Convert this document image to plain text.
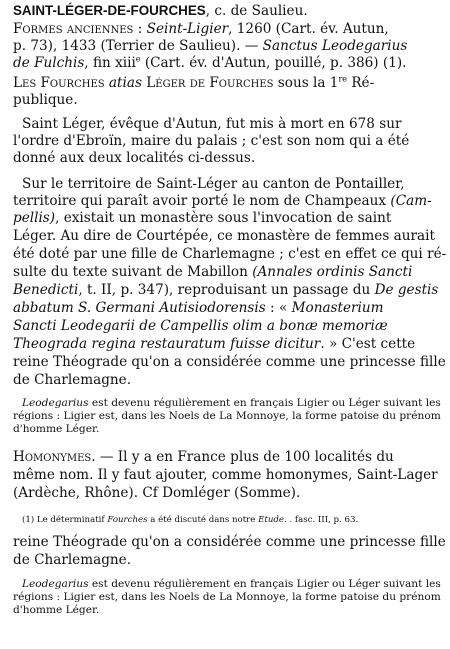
SAINT-LÉGER-DE-FOURCHES, c. de Saulieu.
Formes anciennes : Seint-Ligier, 1260 (Cart. év. Autun,
p. 73), 1433 (Terrier de Saulieu). — Sanctus Leodegarius
de Fulchis, fin xiii$^e$ (Cart. év. d'Autun, pouillé, p. 386) (1).
Les Fourches atias Léger de Fourches sous la 1re Ré-
publique.
Saint Léger, évêque d'Autun, fut mis à mort en 678 sur
l'ordre d'Ebroïn, maire du palais ; c'est son nom qui a été
donné aux deux localités ci-dessus.
Sur le territoire de Saint-Léger au canton de Pontailler,
territoire qui paraît avoir porté le nom de Champeaux (Cam-
pellis), existait un monastère sous l'invocation de saint
Léger. Au dire de Courtépée, ce monastère de femmes aurait
été doté par une fille de Charlemagne ; c'est en effet ce qui ré-
sulte du texte suivant de Mabillon (Annales ordinis Sancti
Benedicti, t. II, p. 347), reproduisant un passage du De gestis
abbatum S. Germani Autisiodorensis : « Monasterium
Sancti Leodegarii de Campellis olim a bonæ memoriæ
Theograda regina restauratum fuisse dicitur. » C'est cette
reine Théograde qu'on a considérée comme une princesse fille
de Charlemagne.
Leodegarius est devenu régulièrement en français Ligier ou Léger suivant les
régions : Ligier est, dans les Noels de La Monnoye, la forme patoise du prénom
d'homme Léger.
Homonymes. — Il y a en France plus de 100 localités du
même nom. Il y faut ajouter, comme homonymes, Saint-Lager
(Ardèche, Rhône). Cf Domléger (Somme).
(1) Le déterminatif Fourches a été discuté dans notre Etude. . fasc. III, p. 63.
reine Théograde qu'on a considérée comme une princesse fille
de Charlemagne.
Leodegarius est devenu régulièrement en français Ligier ou Léger suivant les
régions : Ligier est, dans les Noels de La Monnoye, la forme patoise du prénom
d'homme Léger.
